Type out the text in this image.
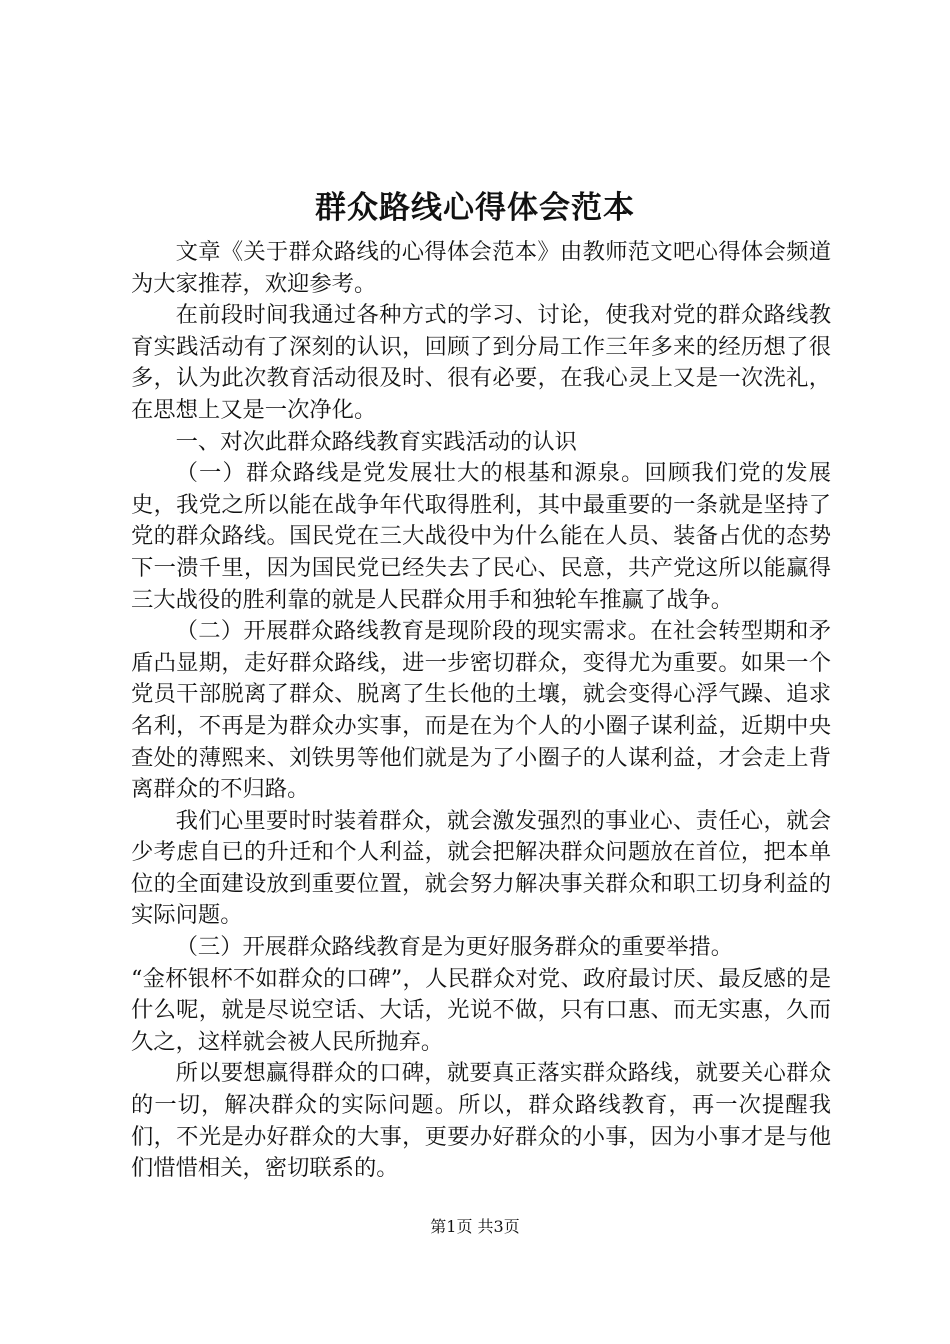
群众路线心得体会范本

文章《关于群众路线的心得体会范本》由教师范文吧心得体会频道为大家推荐，欢迎参考。

在前段时间我通过各种方式的学习、讨论，使我对党的群众路线教育实践活动有了深刻的认识，回顾了到分局工作三年多来的经历想了很多，认为此次教育活动很及时、很有必要，在我心灵上又是一次洗礼，在思想上又是一次净化。

一、对次此群众路线教育实践活动的认识

（一）群众路线是党发展壮大的根基和源泉。回顾我们党的发展史，我党之所以能在战争年代取得胜利，其中最重要的一条就是坚持了党的群众路线。国民党在三大战役中为什么能在人员、装备占优的态势下一溃千里，因为国民党已经失去了民心、民意，共产党这所以能赢得三大战役的胜利靠的就是人民群众用手和独轮车推赢了战争。

（二）开展群众路线教育是现阶段的现实需求。在社会转型期和矛盾凸显期，走好群众路线，进一步密切群众，变得尤为重要。如果一个党员干部脱离了群众、脱离了生长他的土壤，就会变得心浮气躁、追求名利，不再是为群众办实事，而是在为个人的小圈子谋利益，近期中央查处的薄熙来、刘铁男等他们就是为了小圈子的人谋利益，才会走上背离群众的不归路。

我们心里要时时装着群众，就会激发强烈的事业心、责任心，就会少考虑自已的升迁和个人利益，就会把解决群众问题放在首位，把本单位的全面建设放到重要位置，就会努力解决事关群众和职工切身利益的实际问题。

（三）开展群众路线教育是为更好服务群众的重要举措。

“金杯银杯不如群众的口碑”，人民群众对党、政府最讨厌、最反感的是什么呢，就是尽说空话、大话，光说不做，只有口惠、而无实惠，久而久之，这样就会被人民所抛弃。

所以要想赢得群众的口碑，就要真正落实群众路线，就要关心群众的一切，解决群众的实际问题。所以，群众路线教育，再一次提醒我们，不光是办好群众的大事，更要办好群众的小事，因为小事才是与他们惜惜相关，密切联系的。

第1页 共3页
